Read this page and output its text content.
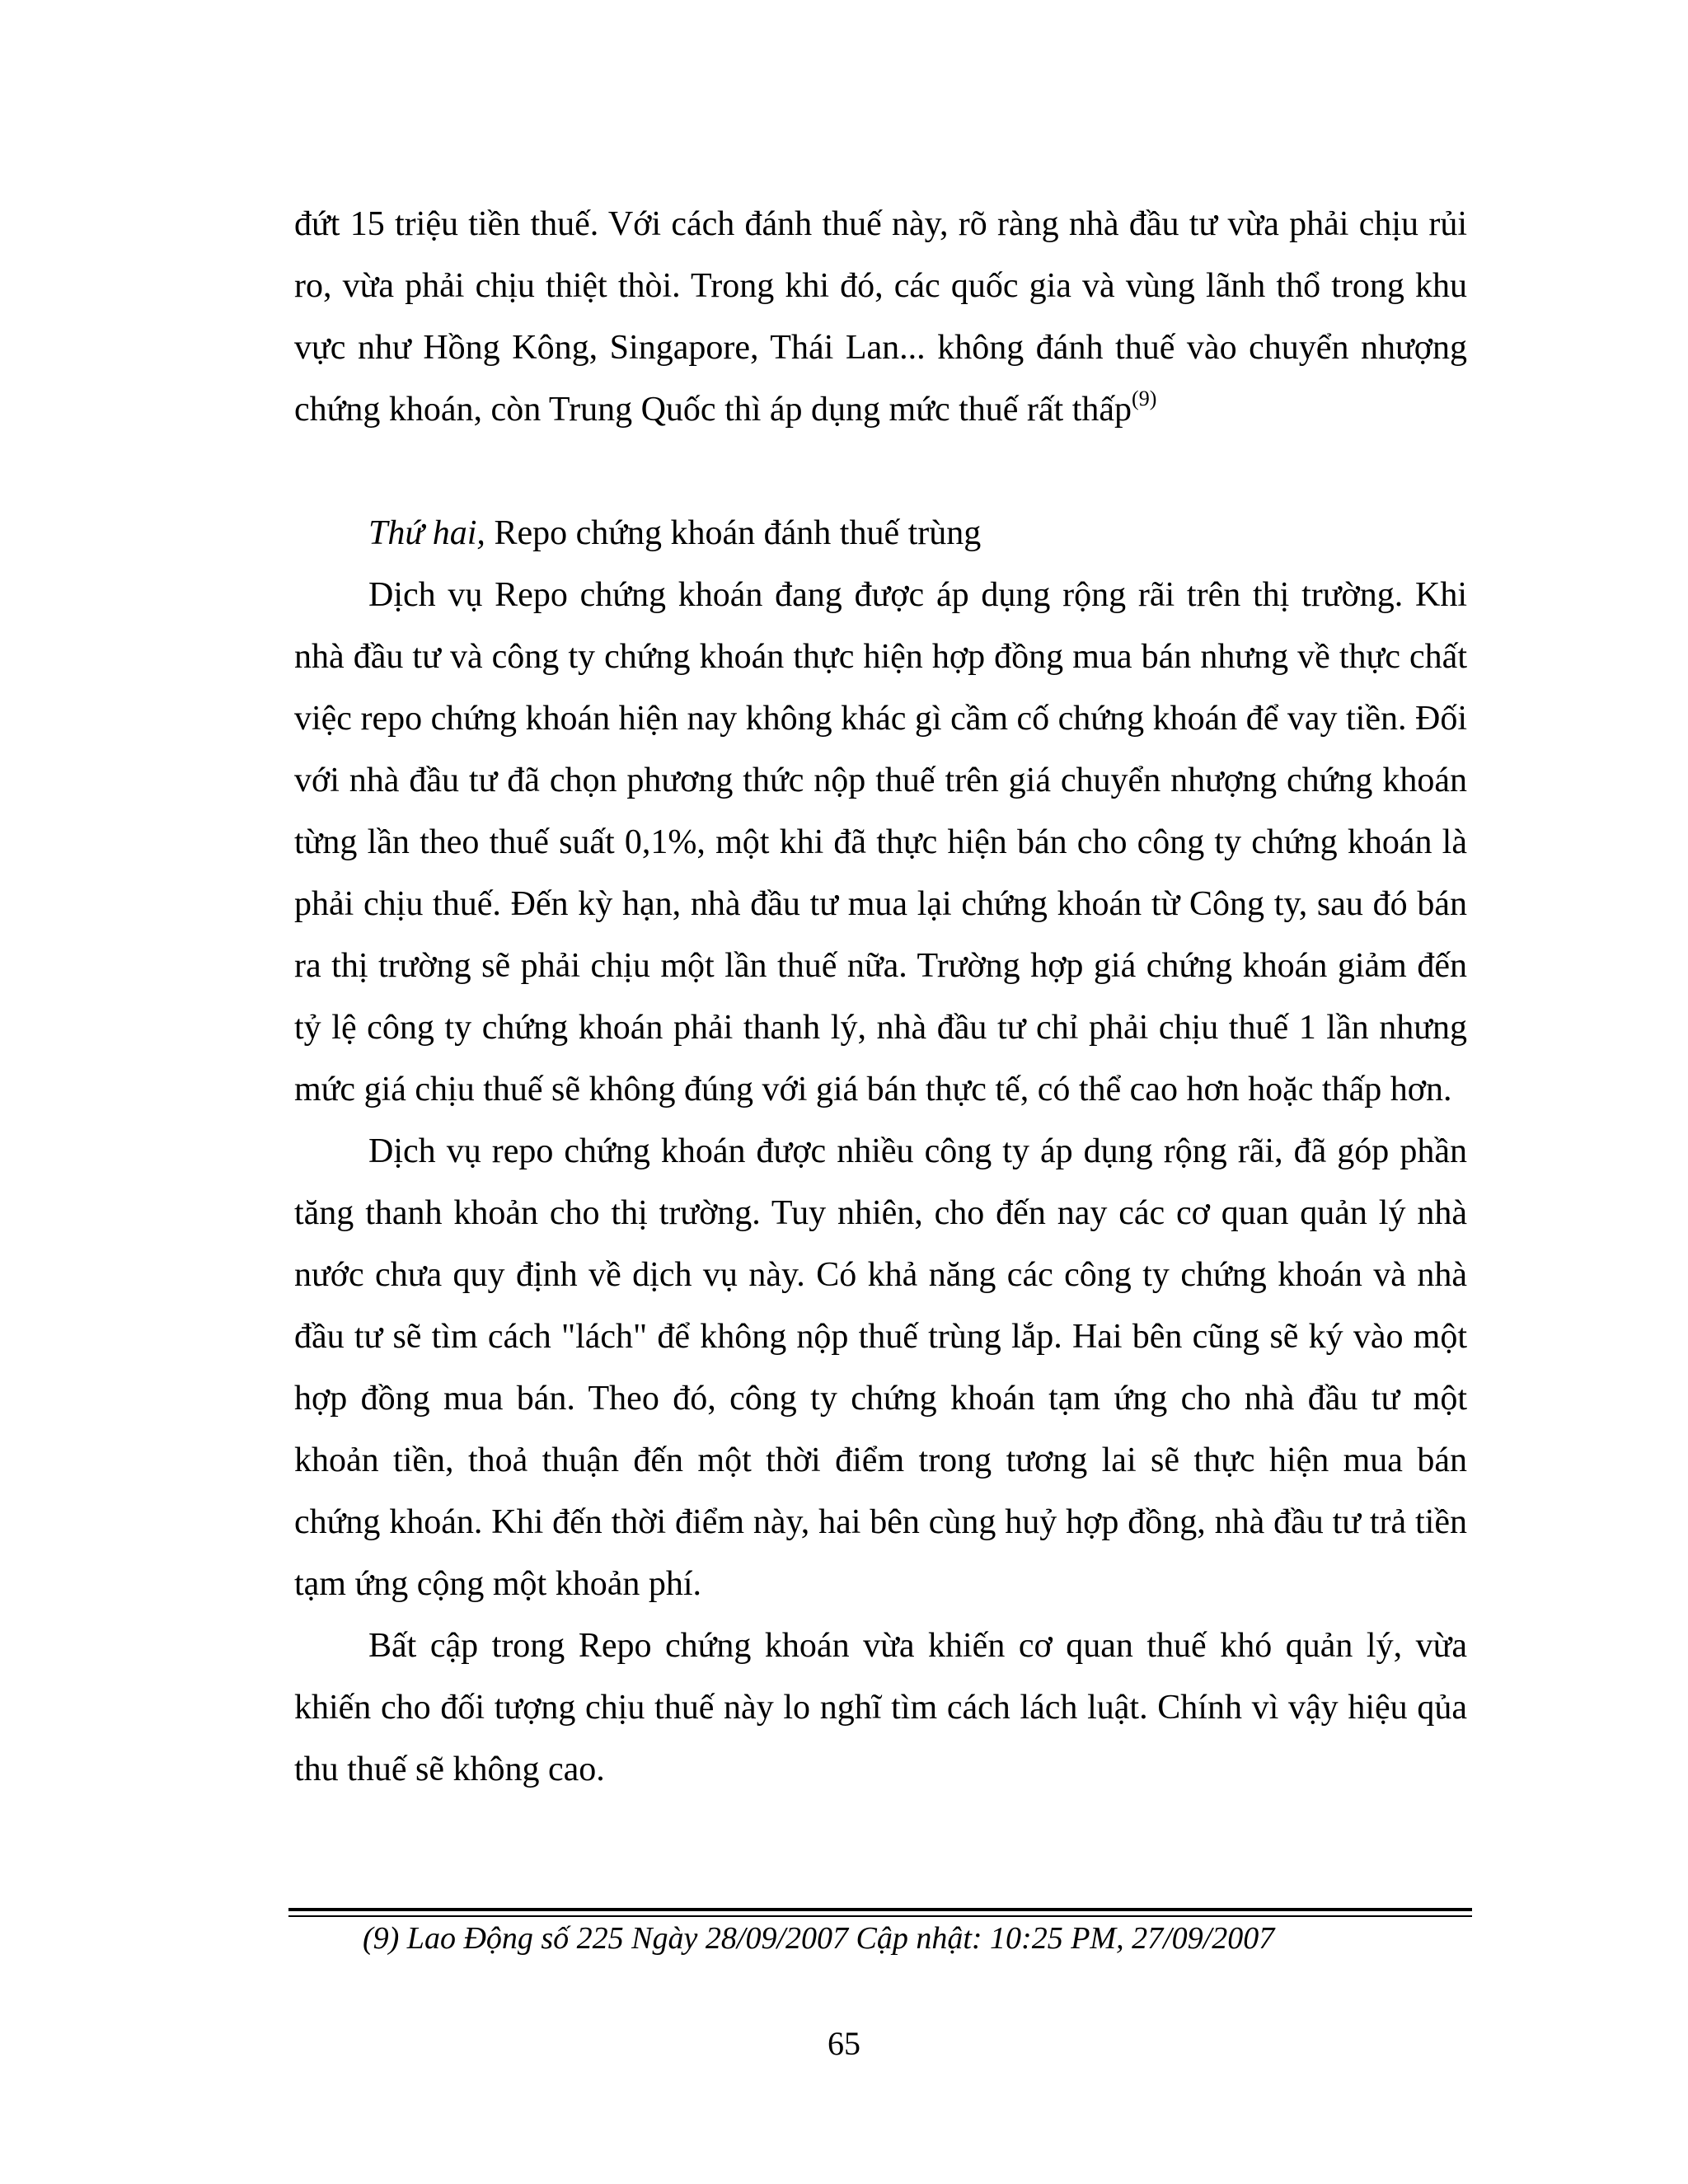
đứt 15 triệu tiền thuế. Với cách đánh thuế này, rõ ràng nhà đầu tư vừa phải chịu rủi ro, vừa phải chịu thiệt thòi. Trong khi đó, các quốc gia và vùng lãnh thổ trong khu vực như Hồng Kông, Singapore, Thái Lan... không đánh thuế vào chuyển nhượng chứng khoán, còn Trung Quốc thì áp dụng mức thuế rất thấp$^{(9)}$

Thứ hai, Repo chứng khoán đánh thuế trùng

Dịch vụ Repo chứng khoán đang được áp dụng rộng rãi trên thị trường. Khi nhà đầu tư và công ty chứng khoán thực hiện hợp đồng mua bán nhưng về thực chất việc repo chứng khoán hiện nay không khác gì cầm cố chứng khoán để vay tiền. Đối với nhà đầu tư đã chọn phương thức nộp thuế trên giá chuyển nhượng chứng khoán từng lần theo thuế suất 0,1%, một khi đã thực hiện bán cho công ty chứng khoán là phải chịu thuế. Đến kỳ hạn, nhà đầu tư mua lại chứng khoán từ Công ty, sau đó bán ra thị trường sẽ phải chịu một lần thuế nữa. Trường hợp giá chứng khoán giảm đến tỷ lệ công ty chứng khoán phải thanh lý, nhà đầu tư chỉ phải chịu thuế 1 lần nhưng mức giá chịu thuế sẽ không đúng với giá bán thực tế, có thể cao hơn hoặc thấp hơn.

Dịch vụ repo chứng khoán được nhiều công ty áp dụng rộng rãi, đã góp phần tăng thanh khoản cho thị trường. Tuy nhiên, cho đến nay các cơ quan quản lý nhà nước chưa quy định về dịch vụ này. Có khả năng các công ty chứng khoán và nhà đầu tư sẽ tìm cách "lách" để không nộp thuế trùng lắp. Hai bên cũng sẽ ký vào một hợp đồng mua bán. Theo đó, công ty chứng khoán tạm ứng cho nhà đầu tư một khoản tiền, thoả thuận đến một thời điểm trong tương lai sẽ thực hiện mua bán chứng khoán. Khi đến thời điểm này, hai bên cùng huỷ hợp đồng, nhà đầu tư trả tiền tạm ứng cộng một khoản phí.

Bất cập trong Repo chứng khoán vừa khiến cơ quan thuế khó quản lý, vừa khiến cho đối tượng chịu thuế này lo nghĩ tìm cách lách luật. Chính vì vậy hiệu qủa thu thuế sẽ không cao.

(9) Lao Động số 225 Ngày 28/09/2007 Cập nhật: 10:25 PM, 27/09/2007

65
